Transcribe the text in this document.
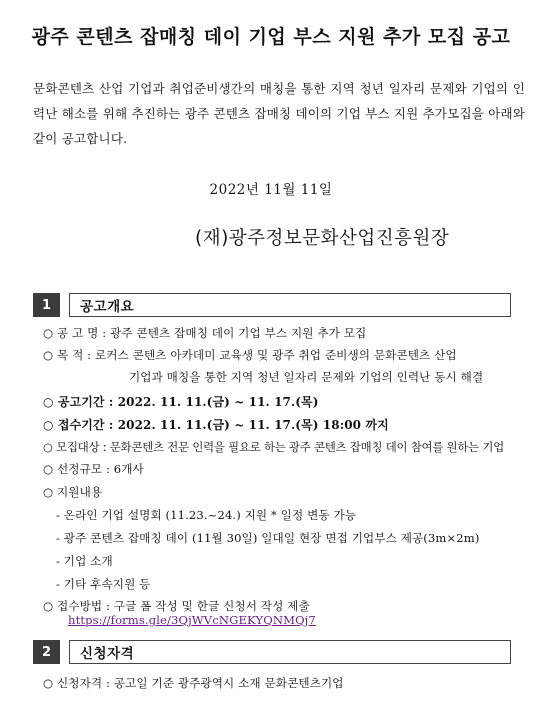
광주 콘텐츠 잡매칭 데이 기업 부스 지원 추가 모집 공고
문화콘텐츠 산업 기업과 취업준비생간의 매칭을 통한 지역 청년 일자리 문제와 기업의 인력난 해소를 위해 추진하는 광주 콘텐츠 잡매칭 데이의 기업 부스 지원 추가모집을 아래와 같이 공고합니다.
2022년 11월 11일
(재)광주정보문화산업진흥원장
1	공고개요
○ 공 고 명 : 광주 콘텐츠 잡매칭 데이 기업 부스 지원 추가 모집
○ 목 적 : 로커스 콘텐츠 아카데미 교육생 및 광주 취업 준비생의 문화콘텐츠 산업
기업과 매칭을 통한 지역 청년 일자리 문제와 기업의 인력난 동시 해결
○ 공고기간 : 2022. 11. 11.(금) ~ 11. 17.(목)
○ 접수기간 : 2022. 11. 11.(금) ~ 11. 17.(목) 18:00 까지
○ 모집대상 : 문화콘텐츠 전문 인력을 필요로 하는 광주 콘텐츠 잡매칭 데이 참여를 원하는 기업
○ 선정규모 : 6개사
○ 지원내용
- 온라인 기업 설명회 (11.23.~24.) 지원 * 일정 변동 가능
- 광주 콘텐츠 잡매칭 데이 (11월 30일) 일대일 현장 면접 기업부스 제공(3m×2m)
- 기업 소개
- 기타 후속지원 등
○ 접수방법 : 구글 폼 작성 및 한글 신청서 작성 제출
https://forms.gle/3QjWVcNGEKYQNMQj7
2	신청자격
○ 신청자격 : 공고일 기준 광주광역시 소재 문화콘텐츠기업
